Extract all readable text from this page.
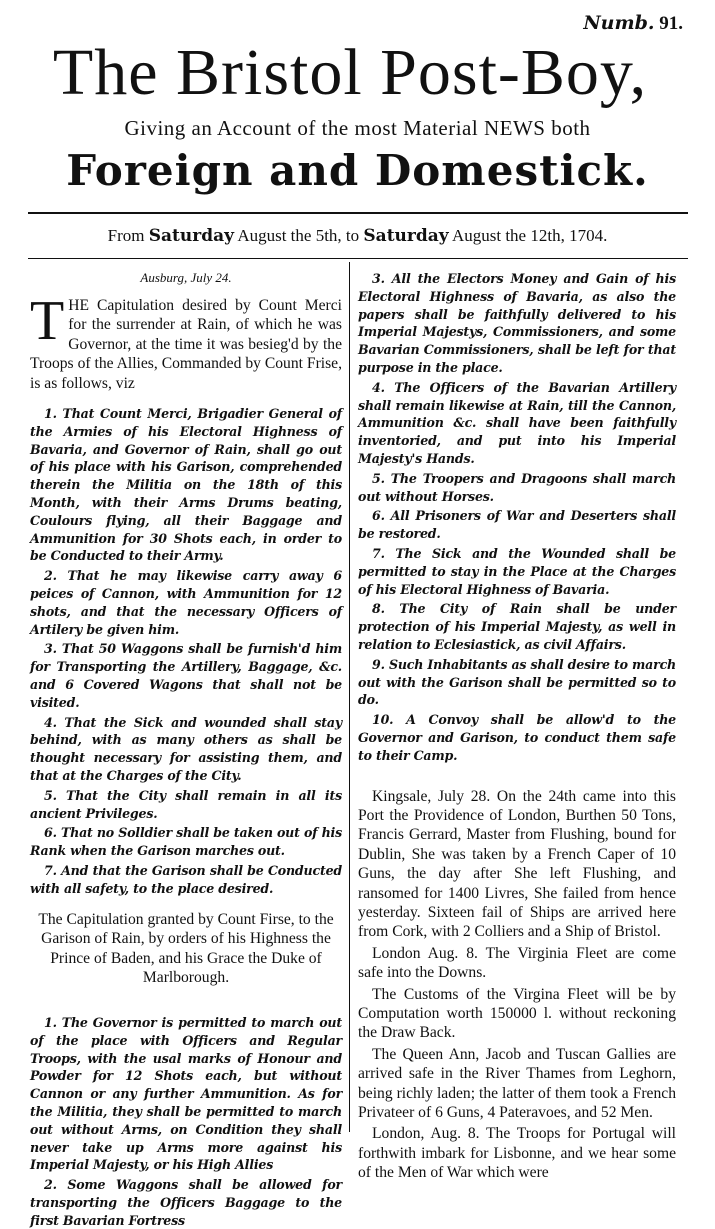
Numb. 91.
The Bristol Post-Boy,
Giving an Account of the most Material NEWS both
Foreign and Domestick.
From Saturday August the 5th, to Saturday August the 12th, 1704.

Ausburg, July 24.

THE Capitulation desired by Count Merci for the surrender at Rain, of which he was Governor, at the time it was besieg'd by the Troops of the Allies, Commanded by Count Frise, is as follows, viz

1. That Count Merci, Brigadier General of the Armies of his Electoral Highness of Bavaria, and Governor of Rain, shall go out of his place with his Garison, comprehended therein the Militia on the 18th of this Month, with their Arms Drums beating, Coulours flying, all their Baggage and Ammunition for 30 Shots each, in order to be Conducted to their Army.

2. That he may likewise carry away 6 peices of Cannon, with Ammunition for 12 shots, and that the necessary Officers of Artilery be given him.

3. That 50 Waggons shall be furnish'd him for Transporting the Artillery, Baggage, &c. and 6 Covered Wagons that shall not be visited.

4. That the Sick and wounded shall stay behind, with as many others as shall be thought necessary for assisting them, and that at the Charges of the City.

5. That the City shall remain in all its ancient Privileges.

6. That no Solldier shall be taken out of his Rank when the Garison marches out.

7. And that the Garison shall be Conducted with all safety, to the place desired.

The Capitulation granted by Count Firse, to the Garison of Rain, by orders of his Highness the Prince of Baden, and his Grace the Duke of Marlborough.

1. The Governor is permitted to march out of the place with Officers and Regular Troops, with the usal marks of Honour and Powder for 12 Shots each, but without Cannon or any further Ammunition. As for the Militia, they shall be permitted to march out without Arms, on Condition they shall never take up Arms more against his Imperial Majesty, or his High Allies

2. Some Waggons shall be allowed for transporting the Officers Baggage to the first Bavarian Fortress

3. All the Electors Money and Gain of his Electoral Highness of Bavaria, as also the papers shall be faithfully delivered to his Imperial Majestys, Commissioners, and some Bavarian Commissioners, shall be left for that purpose in the place.

4. The Officers of the Bavarian Artillery shall remain likewise at Rain, till the Cannon, Ammunition &c. shall have been faithfully inventoried, and put into his Imperial Majesty's Hands.

5. The Troopers and Dragoons shall march out without Horses.

6. All Prisoners of War and Deserters shall be restored.

7. The Sick and the Wounded shall be permitted to stay in the Place at the Charges of his Electoral Highness of Bavaria.

8. The City of Rain shall be under protection of his Imperial Majesty, as well in relation to Eclesiastick, as civil Affairs.

9. Such Inhabitants as shall desire to march out with the Garison shall be permitted so to do.

10. A Convoy shall be allow'd to the Governor and Garison, to conduct them safe to their Camp.

Kingsale, July 28. On the 24th came into this Port the Providence of London, Burthen 50 Tons, Francis Gerrard, Master from Flushing, bound for Dublin, She was taken by a French Caper of 10 Guns, the day after She left Flushing, and ransomed for 1400 Livres, She failed from hence yesterday. Sixteen fail of Ships are arrived here from Cork, with 2 Colliers and a Ship of Bristol.

London Aug. 8. The Virginia Fleet are come safe into the Downs.

The Customs of the Virgina Fleet will be by Computation worth 150000 l. without reckoning the Draw Back.

The Queen Ann, Jacob and Tuscan Gallies are arrived safe in the River Thames from Leghorn, being richly laden; the latter of them took a French Privateer of 6 Guns, 4 Pateravoes, and 52 Men.

London, Aug. 8. The Troops for Portugal will forthwith imbark for Lisbonne, and we hear some of the Men of War which were
